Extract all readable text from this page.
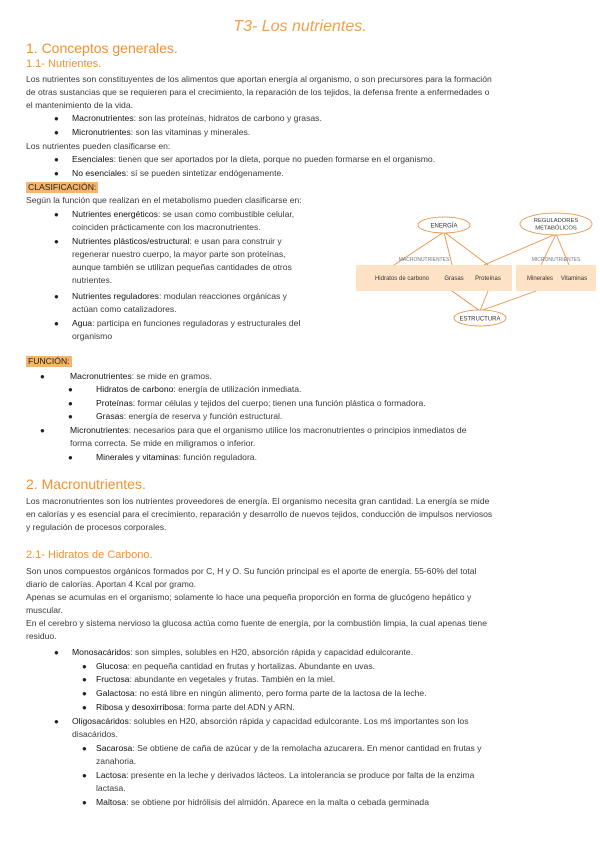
T3- Los nutrientes.
1. Conceptos generales.
1.1- Nutrientes.
Los nutrientes son constituyentes de los alimentos que aportan energía al organismo, o son precursores para la formación
de otras sustancias que se requieren para el crecimiento, la reparación de los tejidos, la defensa frente a enfermedades o
el mantenimiento de la vida.
● Macronutrientes: son las proteínas, hidratos de carbono y grasas.
● Micronutrientes: son las vitaminas y minerales.
Los nutrientes pueden clasificarse en:
● Esenciales: tienen que ser aportados por la dieta, porque no pueden formarse en el organismo.
● No esenciales: sí se pueden sintetizar endógenamente.
CLASIFICACIÓN:
Según la función que realizan en el metabolismo pueden clasificarse en:
● Nutrientes energéticos: se usan como combustible celular,
coinciden prácticamente con los macronutrientes.
● Nutrientes plásticos/estructural: e usan para construir y
regenerar nuestro cuerpo, la mayor parte son proteínas,
aunque también se utilizan pequeñas cantidades de otros
nutrientes.
● Nutrientes reguladores: modulan reacciones orgánicas y
actúan como catalizadores.
● Agua: participa en funciones reguladoras y estructurales del
organismo
ENERGÍA
REGULADORES
METABÓLICOS
MACRONUTRIENTES	MICRONUTRIENTES
Hidratos de carbono	Grasas Proteínas	Minerales Vitaminas
ESTRUCTURA
FUNCIÓN:
●	Macronutrientes: se mide en gramos.
●	Hidratos de carbono: energía de utilización inmediata.
●	Proteínas: formar células y tejidos del cuerpo; tienen una función plástica o formadora.
●	Grasas: energía de reserva y función estructural.
●	Micronutrientes: necesarios para que el organismo utilice los macronutrientes o principios inmediatos de
forma correcta. Se mide en miligramos o inferior.
●	Minerales y vitaminas: función reguladora.
2. Macronutrientes.
Los macronutrientes son los nutrientes proveedores de energía. El organismo necesita gran cantidad. La energía se mide
en calorías y es esencial para el crecimiento, reparación y desarrollo de nuevos tejidos, conducción de impulsos nerviosos
y regulación de procesos corporales.
2.1- Hidratos de Carbono.
Son unos compuestos orgánicos formados por C, H y O. Su función principal es el aporte de energía. 55-60% del total
diario de calorías. Aportan 4 Kcal por gramo.
Apenas se acumulas en el organismo; solamente lo hace una pequeña proporción en forma de glucógeno hepático y
muscular.
En el cerebro y sistema nervioso la glucosa actúa como fuente de energía, por la combustión limpia, la cual apenas tiene
residuo.
● Monosacáridos: son simples, solubles en H20, absorción rápida y capacidad edulcorante.
● Glucosa: en pequeña cantidad en frutas y hortalizas. Abundante en uvas.
● Fructosa: abundante en vegetales y frutas. También en la miel.
● Galactosa: no está libre en ningún alimento, pero forma parte de la lactosa de la leche.
● Ribosa y desoxirribosa: forma parte del ADN y ARN.
● Oligosacáridos: solubles en H20, absorción rápida y capacidad edulcorante. Los mś importantes son los
disacáridos.
● Sacarosa: Se obtiene de caña de azúcar y de la remolacha azucarera. En menor cantidad en frutas y
zanahoria.
● Lactosa: presente en la leche y derivados lácteos. La intolerancia se produce por falta de la enzima
lactasa.
● Maltosa: se obtiene por hidrólisis del almidón. Aparece en la malta o cebada germinada
